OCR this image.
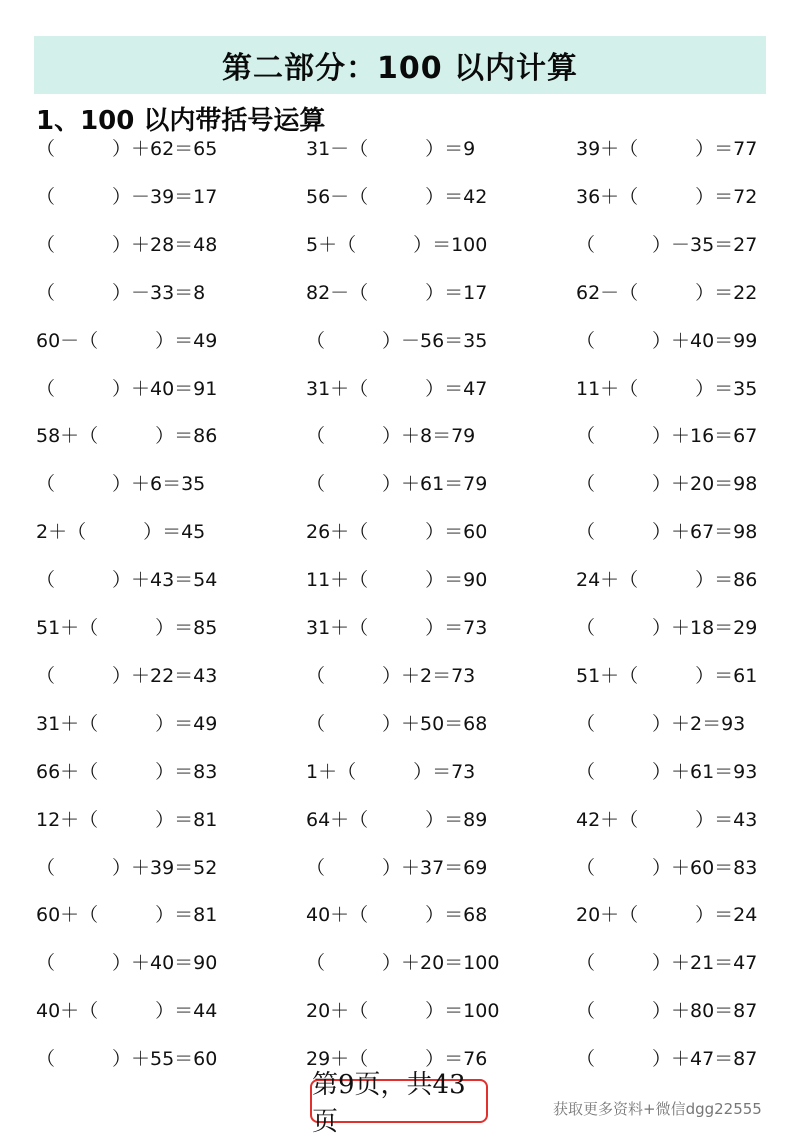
第二部分：100 以内计算
1、100 以内带括号运算
（　　　）＋62＝65	31－（　　　）＝9	39＋（　　　）＝77
（　　　）－39＝17	56－（　　　）＝42	36＋（　　　）＝72
（　　　）＋28＝48	5＋（　　　）＝100	（　　　）－35＝27
（　　　）－33＝8	82－（　　　）＝17	62－（　　　）＝22
60－（　　　）＝49	（　　　）－56＝35	（　　　）＋40＝99
（　　　）＋40＝91	31＋（　　　）＝47	11＋（　　　）＝35
58＋（　　　）＝86	（　　　）＋8＝79	（　　　）＋16＝67
（　　　）＋6＝35	（　　　）＋61＝79	（　　　）＋20＝98
2＋（　　　）＝45	26＋（　　　）＝60	（　　　）＋67＝98
（　　　）＋43＝54	11＋（　　　）＝90	24＋（　　　）＝86
51＋（　　　）＝85	31＋（　　　）＝73	（　　　）＋18＝29
（　　　）＋22＝43	（　　　）＋2＝73	51＋（　　　）＝61
31＋（　　　）＝49	（　　　）＋50＝68	（　　　）＋2＝93
66＋（　　　）＝83	1＋（　　　）＝73	（　　　）＋61＝93
12＋（　　　）＝81	64＋（　　　）＝89	42＋（　　　）＝43
（　　　）＋39＝52	（　　　）＋37＝69	（　　　）＋60＝83
60＋（　　　）＝81	40＋（　　　）＝68	20＋（　　　）＝24
（　　　）＋40＝90	（　　　）＋20＝100	（　　　）＋21＝47
40＋（　　　）＝44	20＋（　　　）＝100	（　　　）＋80＝87
（　　　）＋55＝60	29＋（　　　）＝76	（　　　）＋47＝87
第9页，共43页	获取更多资料+微信dgg22555
